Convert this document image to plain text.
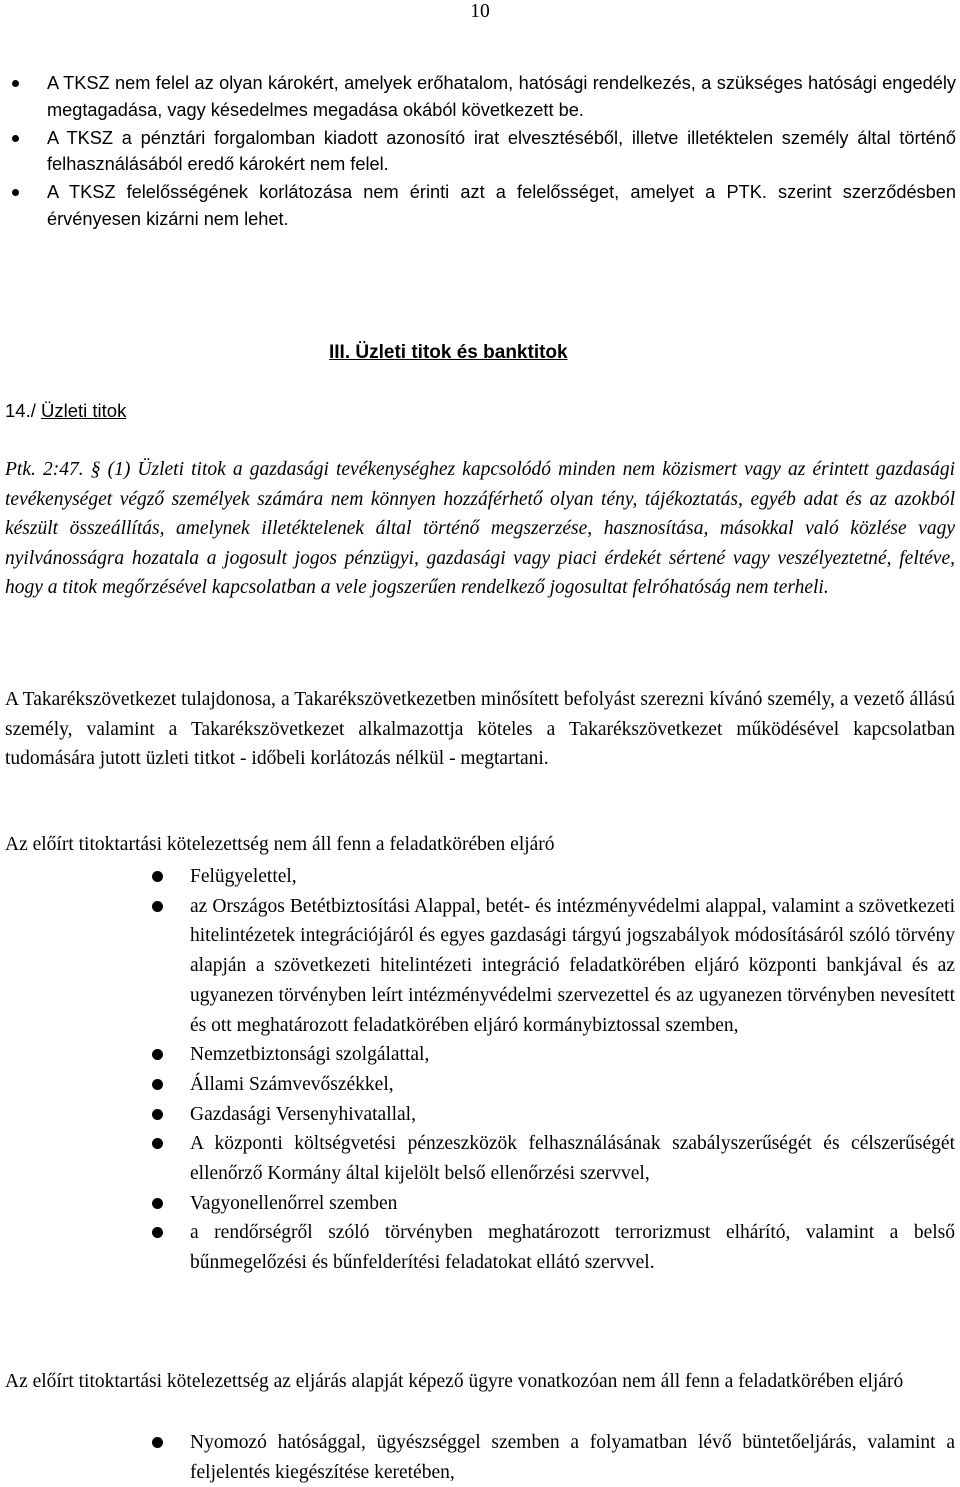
10
A TKSZ nem felel az olyan károkért, amelyek erőhatalom, hatósági rendelkezés, a szükséges hatósági engedély megtagadása, vagy késedelmes megadása okából következett be.
A TKSZ a pénztári forgalomban kiadott azonosító irat elvesztéséből, illetve illetéktelen személy által történő felhasználásából eredő károkért nem felel.
A TKSZ felelősségének korlátozása nem érinti azt a felelősséget, amelyet a PTK. szerint szerződésben érvényesen kizárni nem lehet.
III. Üzleti titok és banktitok
14./ Üzleti titok
Ptk. 2:47. § (1) Üzleti titok a gazdasági tevékenységhez kapcsolódó minden nem közismert vagy az érintett gazdasági tevékenységet végző személyek számára nem könnyen hozzáférhető olyan tény, tájékoztatás, egyéb adat és az azokból készült összeállítás, amelynek illetéktelenek által történő megszerzése, hasznosítása, másokkal való közlése vagy nyilvánosságra hozatala a jogosult jogos pénzügyi, gazdasági vagy piaci érdekét sértené vagy veszélyeztetné, feltéve, hogy a titok megőrzésével kapcsolatban a vele jogszerűen rendelkező jogosultat felróhatóság nem terheli.
A Takarékszövetkezet tulajdonosa, a Takarékszövetkezetben minősített befolyást szerezni kívánó személy, a vezető állású személy, valamint a Takarékszövetkezet alkalmazottja köteles a Takarékszövetkezet működésével kapcsolatban tudomására jutott üzleti titkot - időbeli korlátozás nélkül - megtartani.
Az előírt titoktartási kötelezettség nem áll fenn a feladatkörében eljáró
Felügyelettel,
az Országos Betétbiztosítási Alappal, betét- és intézményvédelmi alappal, valamint a szövetkezeti hitelintézetek integrációjáról és egyes gazdasági tárgyú jogszabályok módosításáról szóló törvény alapján a szövetkezeti hitelintézeti integráció feladatkörében eljáró központi bankjával és az ugyanezen törvényben leírt intézményvédelmi szervezettel és az ugyanezen törvényben nevesített és ott meghatározott feladatkörében eljáró kormánybiztossal szemben,
Nemzetbiztonsági szolgálattal,
Állami Számvevőszékkel,
Gazdasági Versenyhivatallal,
A központi költségvetési pénzeszközök felhasználásának szabályszerűségét és célszerűségét ellenőrző Kormány által kijelölt belső ellenőrzési szervvel,
Vagyonellenőrrel szemben
a rendőrségről szóló törvényben meghatározott terrorizmust elhárító, valamint a belső bűnmegelőzési és bűnfelderítési feladatokat ellátó szervvel.
Az előírt titoktartási kötelezettség az eljárás alapját képező ügyre vonatkozóan nem áll fenn a feladatkörében eljáró
Nyomozó hatósággal, ügyészséggel szemben a folyamatban lévő büntetőeljárás, valamint a feljelentés kiegészítése keretében,
